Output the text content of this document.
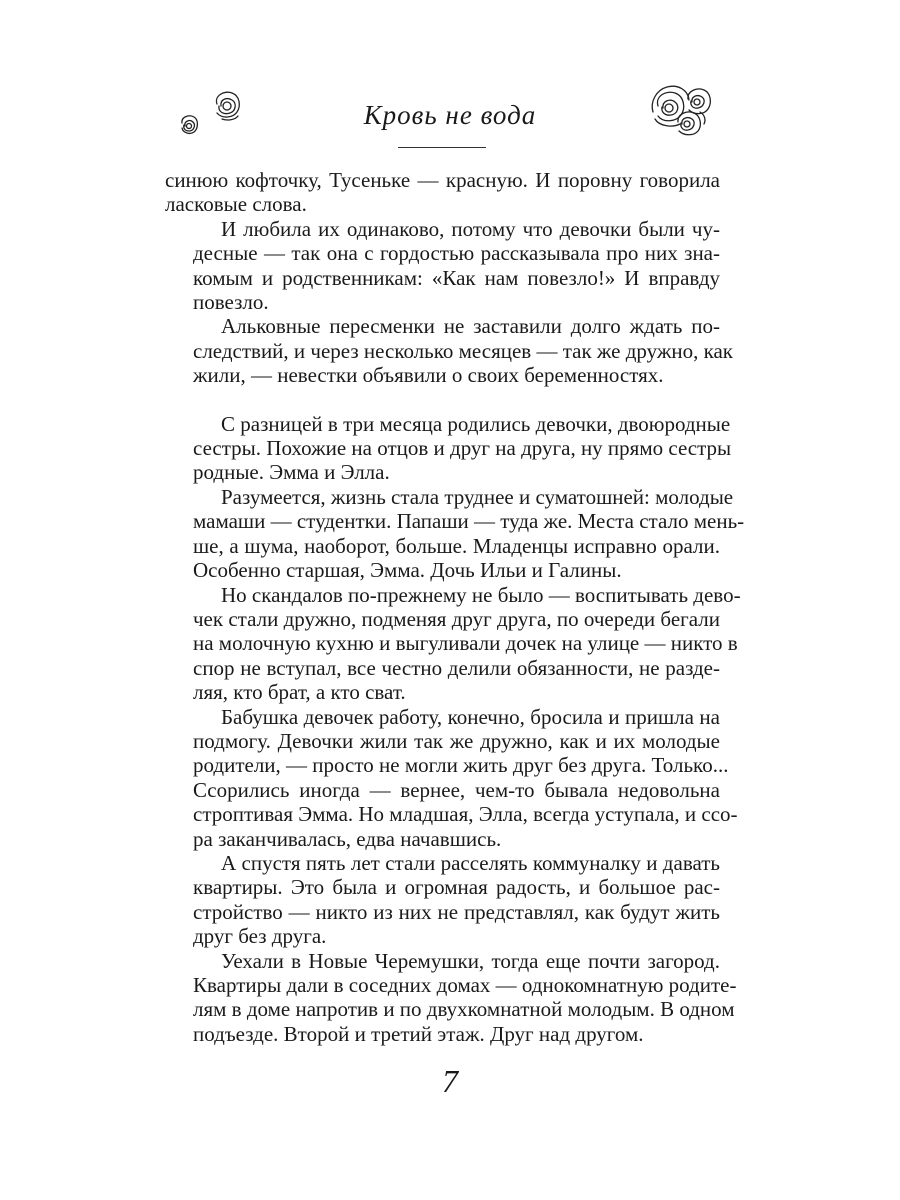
Кровь не вода

синюю кофточку, Тусеньке — красную. И поровну говорила
ласковые слова.

И любила их одинаково, потому что девочки были чу-
десные — так она с гордостью рассказывала про них зна-
комым и родственникам: «Как нам повезло!» И вправду
повезло.

Альковные пересменки не заставили долго ждать по-
следствий, и через несколько месяцев — так же дружно, как
жили, — невестки объявили о своих беременностях.

С разницей в три месяца родились девочки, двоюродные
сестры. Похожие на отцов и друг на друга, ну прямо сестры
родные. Эмма и Элла.

Разумеется, жизнь стала труднее и суматошней: молодые
мамаши — студентки. Папаши — туда же. Места стало мень-
ше, а шума, наоборот, больше. Младенцы исправно орали.
Особенно старшая, Эмма. Дочь Ильи и Галины.

Но скандалов по-прежнему не было — воспитывать дево-
чек стали дружно, подменяя друг друга, по очереди бегали
на молочную кухню и выгуливали дочек на улице — никто в
спор не вступал, все честно делили обязанности, не разде-
ляя, кто брат, а кто сват.

Бабушка девочек работу, конечно, бросила и пришла на
подмогу. Девочки жили так же дружно, как и их молодые
родители, — просто не могли жить друг без друга. Только...
Ссорились иногда — вернее, чем-то бывала недовольна
строптивая Эмма. Но младшая, Элла, всегда уступала, и ссо-
ра заканчивалась, едва начавшись.

А спустя пять лет стали расселять коммуналку и давать
квартиры. Это была и огромная радость, и большое рас-
стройство — никто из них не представлял, как будут жить
друг без друга.

Уехали в Новые Черемушки, тогда еще почти загород.
Квартиры дали в соседних домах — однокомнатную родите-
лям в доме напротив и по двухкомнатной молодым. В одном
подъезде. Второй и третий этаж. Друг над другом.

7
